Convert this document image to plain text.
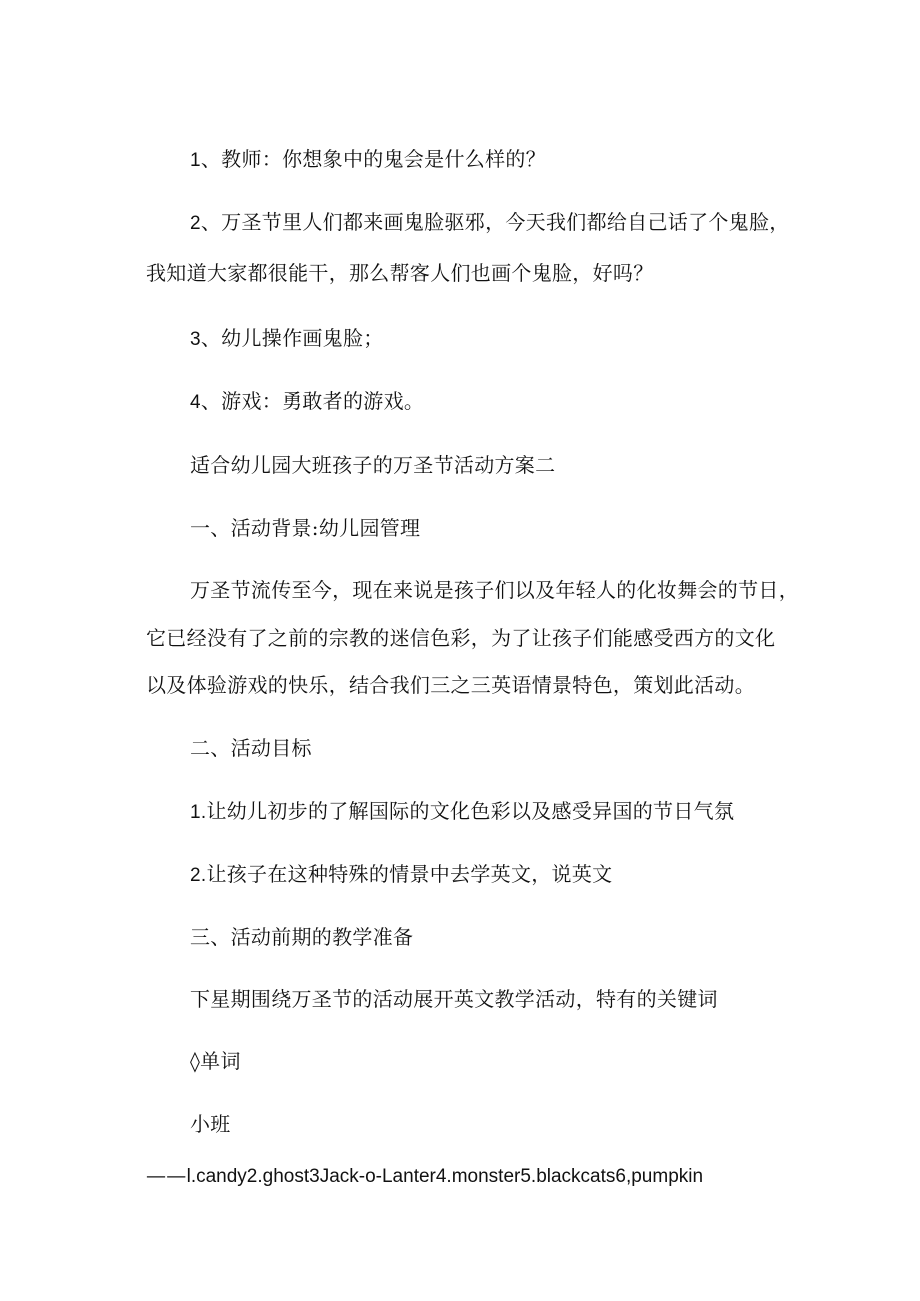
1、教师：你想象中的鬼会是什么样的？
2、万圣节里人们都来画鬼脸驱邪，今天我们都给自己话了个鬼脸，
我知道大家都很能干，那么帮客人们也画个鬼脸，好吗？
3、幼儿操作画鬼脸；
4、游戏：勇敢者的游戏。
适合幼儿园大班孩子的万圣节活动方案二
一、活动背景:幼儿园管理
万圣节流传至今，现在来说是孩子们以及年轻人的化妆舞会的节日，
它已经没有了之前的宗教的迷信色彩，为了让孩子们能感受西方的文化
以及体验游戏的快乐，结合我们三之三英语情景特色，策划此活动。
二、活动目标
1.让幼儿初步的了解国际的文化色彩以及感受异国的节日气氛
2.让孩子在这种特殊的情景中去学英文，说英文
三、活动前期的教学准备
下星期围绕万圣节的活动展开英文教学活动，特有的关键词
◊单词
小班
——l.candy2.ghost3Jack-o-Lanter4.monster5.blackcats6,pumpkin
